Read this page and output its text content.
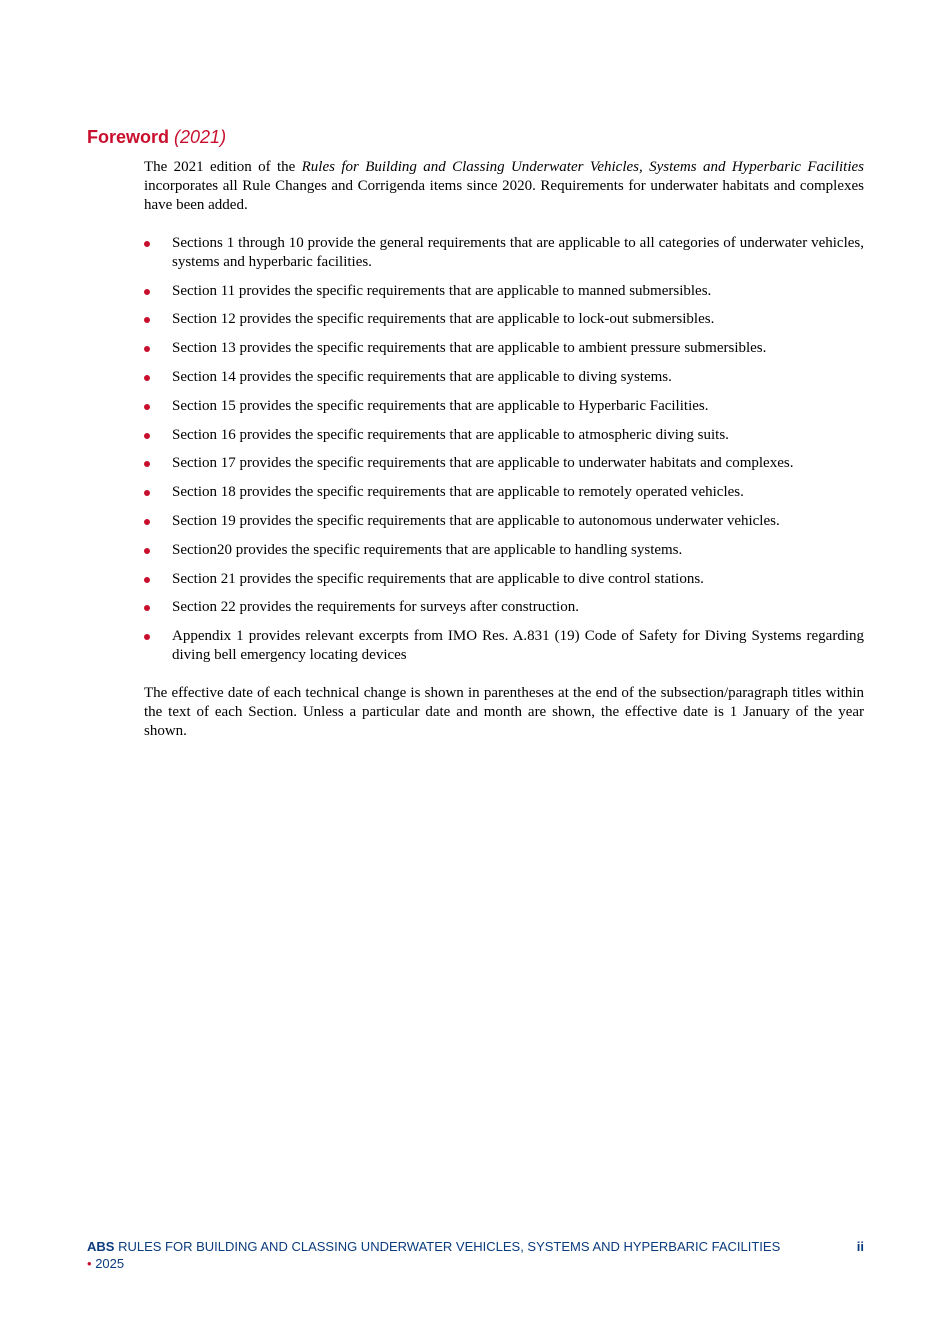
Foreword (2021)

The 2021 edition of the Rules for Building and Classing Underwater Vehicles, Systems and Hyperbaric Facilities incorporates all Rule Changes and Corrigenda items since 2020. Requirements for underwater habitats and complexes have been added.

Sections 1 through 10 provide the general requirements that are applicable to all categories of underwater vehicles, systems and hyperbaric facilities.
Section 11 provides the specific requirements that are applicable to manned submersibles.
Section 12 provides the specific requirements that are applicable to lock-out submersibles.
Section 13 provides the specific requirements that are applicable to ambient pressure submersibles.
Section 14 provides the specific requirements that are applicable to diving systems.
Section 15 provides the specific requirements that are applicable to Hyperbaric Facilities.
Section 16 provides the specific requirements that are applicable to atmospheric diving suits.
Section 17 provides the specific requirements that are applicable to underwater habitats and complexes.
Section 18 provides the specific requirements that are applicable to remotely operated vehicles.
Section 19 provides the specific requirements that are applicable to autonomous underwater vehicles.
Section20 provides the specific requirements that are applicable to handling systems.
Section 21 provides the specific requirements that are applicable to dive control stations.
Section 22 provides the requirements for surveys after construction.
Appendix 1 provides relevant excerpts from IMO Res. A.831 (19) Code of Safety for Diving Systems regarding diving bell emergency locating devices

The effective date of each technical change is shown in parentheses at the end of the subsection/paragraph titles within the text of each Section. Unless a particular date and month are shown, the effective date is 1 January of the year shown.

ABS RULES FOR BUILDING AND CLASSING UNDERWATER VEHICLES, SYSTEMS AND HYPERBARIC FACILITIES • 2025
ii
